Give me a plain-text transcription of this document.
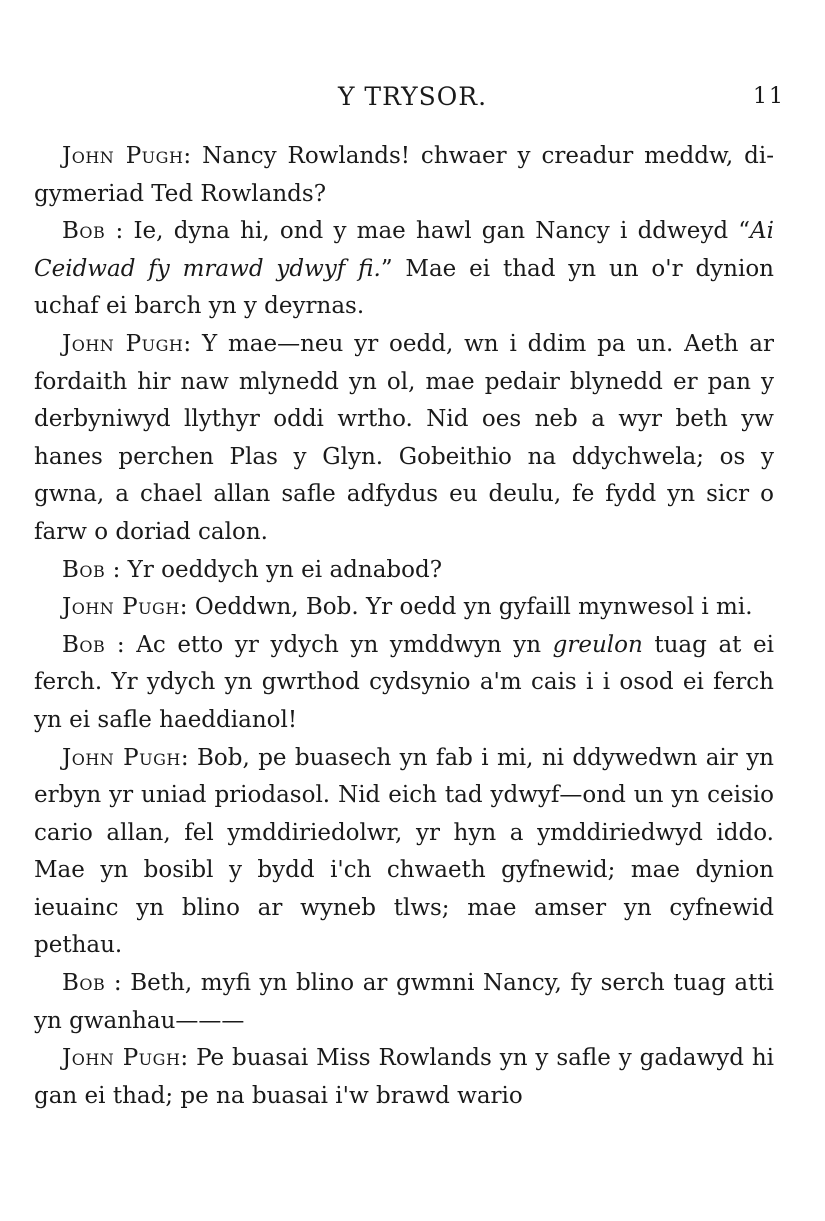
Y TRYSOR.	11

John Pugh: Nancy Rowlands! chwaer y creadur meddw, di-gymeriad Ted Rowlands?

Bob : Ie, dyna hi, ond y mae hawl gan Nancy i ddweyd “Ai Ceidwad fy mrawd ydwyf fi.” Mae ei thad yn un o'r dynion uchaf ei barch yn y deyrnas.

John Pugh: Y mae—neu yr oedd, wn i ddim pa un. Aeth ar fordaith hir naw mlynedd yn ol, mae pedair blynedd er pan y derbyniwyd llythyr oddi wrtho. Nid oes neb a wyr beth yw hanes perchen Plas y Glyn. Gobeithio na ddychwela; os y gwna, a chael allan safle adfydus eu deulu, fe fydd yn sicr o farw o doriad calon.

Bob : Yr oeddych yn ei adnabod?

John Pugh: Oeddwn, Bob. Yr oedd yn gyfaill mynwesol i mi.

Bob : Ac etto yr ydych yn ymddwyn yn greulon tuag at ei ferch. Yr ydych yn gwrthod cydsynio a'm cais i i osod ei ferch yn ei safle haeddianol!

John Pugh: Bob, pe buasech yn fab i mi, ni ddywedwn air yn erbyn yr uniad priodasol. Nid eich tad ydwyf—ond un yn ceisio cario allan, fel ymddiriedolwr, yr hyn a ymddiriedwyd iddo. Mae yn bosibl y bydd i'ch chwaeth gyfnewid; mae dynion ieuainc yn blino ar wyneb tlws; mae amser yn cyfnewid pethau.

Bob : Beth, myfi yn blino ar gwmni Nancy, fy serch tuag atti yn gwanhau———

John Pugh: Pe buasai Miss Rowlands yn y safle y gadawyd hi gan ei thad; pe na buasai i'w brawd wario
